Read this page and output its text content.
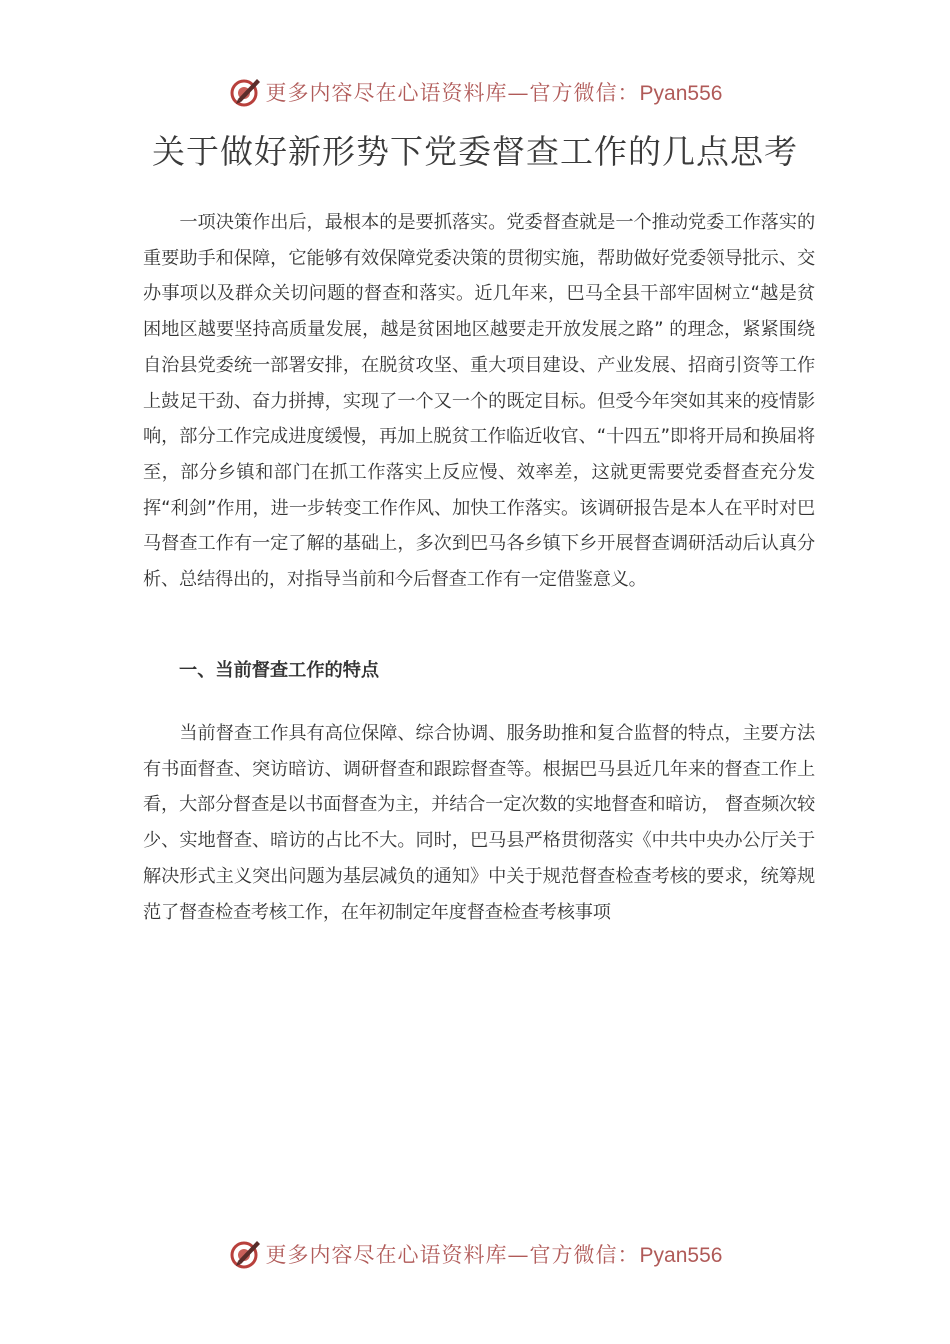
更多内容尽在心语资料库—官方微信：Pyan556
关于做好新形势下党委督查工作的几点思考

一项决策作出后，最根本的是要抓落实。党委督查就是一个推动党委工作落实的重要助手和保障，它能够有效保障党委决策的贯彻实施，帮助做好党委领导批示、交办事项以及群众关切问题的督查和落实。近几年来，巴马全县干部牢固树立“越是贫困地区越要坚持高质量发展，越是贫困地区越要走开放发展之路” 的理念，紧紧围绕自治县党委统一部署安排，在脱贫攻坚、重大项目建设、产业发展、招商引资等工作上鼓足干劲、奋力拼搏，实现了一个又一个的既定目标。但受今年突如其来的疫情影响，部分工作完成进度缓慢，再加上脱贫工作临近收官、“十四五”即将开局和换届将至，部分乡镇和部门在抓工作落实上反应慢、效率差，这就更需要党委督查充分发挥“利剑”作用，进一步转变工作作风、加快工作落实。该调研报告是本人在平时对巴马督查工作有一定了解的基础上，多次到巴马各乡镇下乡开展督查调研活动后认真分析、总结得出的，对指导当前和今后督查工作有一定借鉴意义。

一、当前督查工作的特点

当前督查工作具有高位保障、综合协调、服务助推和复合监督的特点，主要方法有书面督查、突访暗访、调研督查和跟踪督查等。根据巴马县近几年来的督查工作上看，大部分督查是以书面督查为主，并结合一定次数的实地督查和暗访， 督查频次较少、实地督查、暗访的占比不大。同时，巴马县严格贯彻落实《中共中央办公厅关于解决形式主义突出问题为基层减负的通知》中关于规范督查检查考核的要求，统筹规范了督查检查考核工作，在年初制定年度督查检查考核事项

更多内容尽在心语资料库—官方微信：Pyan556
